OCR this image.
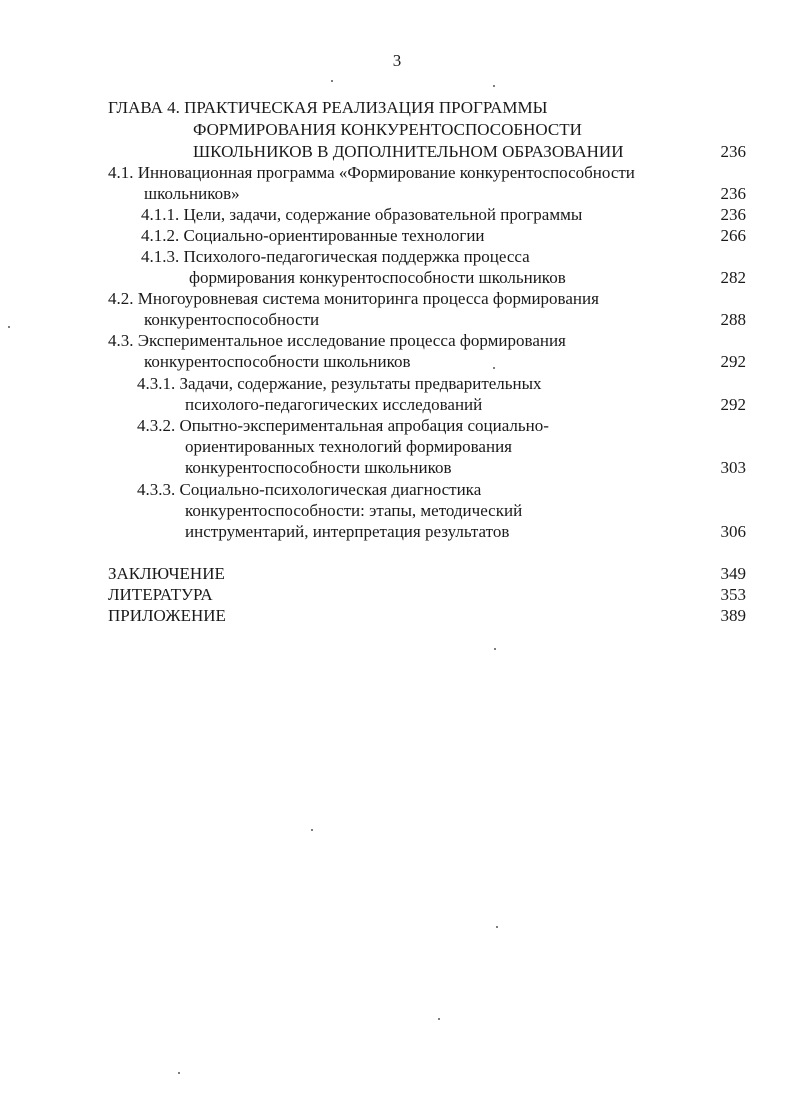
3
ГЛАВА 4. ПРАКТИЧЕСКАЯ РЕАЛИЗАЦИЯ ПРОГРАММЫ
ФОРМИРОВАНИЯ КОНКУРЕНТОСПОСОБНОСТИ
ШКОЛЬНИКОВ В ДОПОЛНИТЕЛЬНОМ ОБРАЗОВАНИИ	236
4.1. Инновационная программа «Формирование конкурентоспособности
школьников»	236
4.1.1. Цели, задачи, содержание образовательной программы	236
4.1.2. Социально-ориентированные технологии	266
4.1.3. Психолого-педагогическая поддержка процесса
формирования конкурентоспособности школьников	282
4.2. Многоуровневая система мониторинга процесса формирования
конкурентоспособности	288
4.3. Экспериментальное исследование процесса формирования
конкурентоспособности школьников	292
4.3.1. Задачи, содержание, результаты предварительных
психолого-педагогических исследований	292
4.3.2. Опытно-экспериментальная апробация социально-
ориентированных технологий формирования
конкурентоспособности школьников	303
4.3.3. Социально-психологическая диагностика
конкурентоспособности: этапы, методический
инструментарий, интерпретация результатов	306
ЗАКЛЮЧЕНИЕ	349
ЛИТЕРАТУРА	353
ПРИЛОЖЕНИЕ	389
